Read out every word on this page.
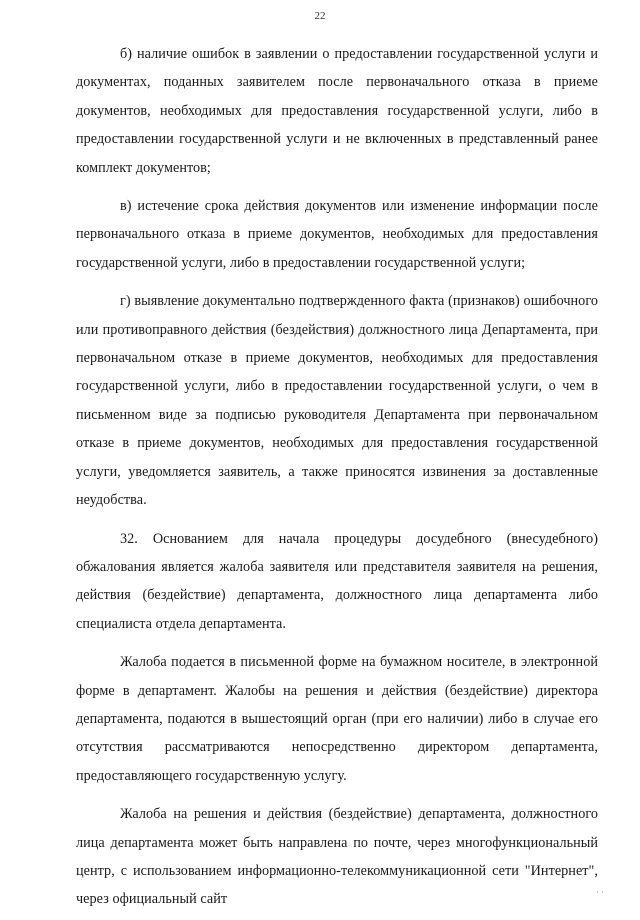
22

б) наличие ошибок в заявлении о предоставлении государственной услуги и документах, поданных заявителем после первоначального отказа в приеме документов, необходимых для предоставления государственной услуги, либо в предоставлении государственной услуги и не включенных в представленный ранее комплект документов;

в) истечение срока действия документов или изменение информации после первоначального отказа в приеме документов, необходимых для предоставления государственной услуги, либо в предоставлении государственной услуги;

г) выявление документально подтвержденного факта (признаков) ошибочного или противоправного действия (бездействия) должностного лица Департамента, при первоначальном отказе в приеме документов, необходимых для предоставления государственной услуги, либо в предоставлении государственной услуги, о чем в письменном виде за подписью руководителя Департамента при первоначальном отказе в приеме документов, необходимых для предоставления государственной услуги, уведомляется заявитель, а также приносятся извинения за доставленные неудобства.

32. Основанием для начала процедуры досудебного (внесудебного) обжалования является жалоба заявителя или представителя заявителя на решения, действия (бездействие) департамента, должностного лица департамента либо специалиста отдела департамента.

Жалоба подается в письменной форме на бумажном носителе, в электронной форме в департамент. Жалобы на решения и действия (бездействие) директора департамента, подаются в вышестоящий орган (при его наличии) либо в случае его отсутствия рассматриваются непосредственно директором департамента, предоставляющего государственную услугу.

Жалоба на решения и действия (бездействие) департамента, должностного лица департамента может быть направлена по почте, через многофункциональный центр, с использованием информационно-телекоммуникационной сети "Интернет", через официальный сайт	··
